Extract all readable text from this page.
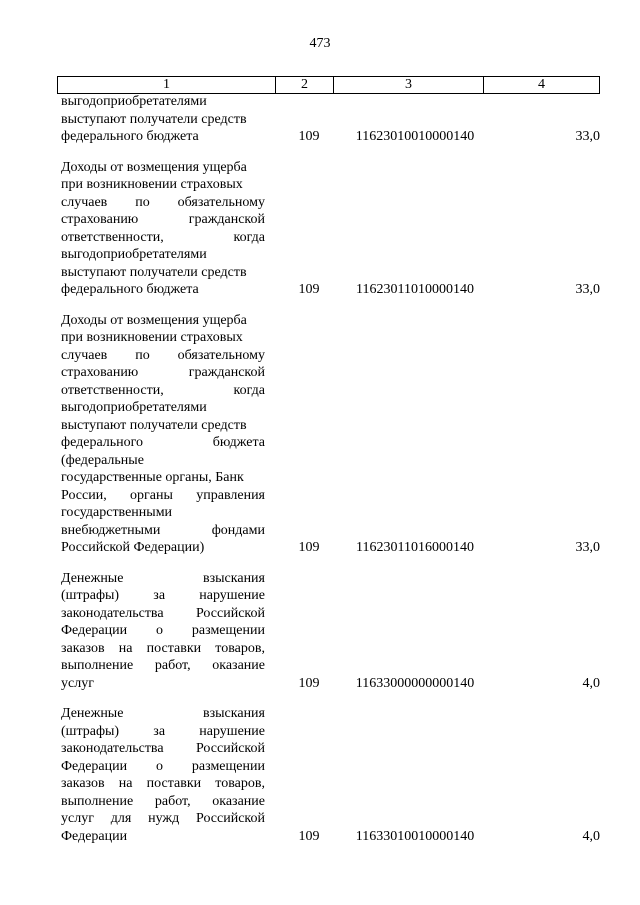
473
1	2	3	4
выгодоприобретателями
выступают получатели средств
федерального бюджета	109	11623010010000140	33,0
Доходы от возмещения ущерба
при возникновении страховых
случаев по обязательному
страхованию гражданской
ответственности, когда
выгодоприобретателями
выступают получатели средств
федерального бюджета	109	11623011010000140	33,0
Доходы от возмещения ущерба
при возникновении страховых
случаев по обязательному
страхованию гражданской
ответственности, когда
выгодоприобретателями
выступают получатели средств
федерального бюджета
(федеральные
государственные органы, Банк
России, органы управления
государственными
внебюджетными фондами
Российской Федерации)	109	11623011016000140	33,0
Денежные взыскания
(штрафы) за нарушение
законодательства Российской
Федерации о размещении
заказов на поставки товаров,
выполнение работ, оказание
услуг	109	11633000000000140	4,0
Денежные взыскания
(штрафы) за нарушение
законодательства Российской
Федерации о размещении
заказов на поставки товаров,
выполнение работ, оказание
услуг для нужд Российской
Федерации	109	11633010010000140	4,0
